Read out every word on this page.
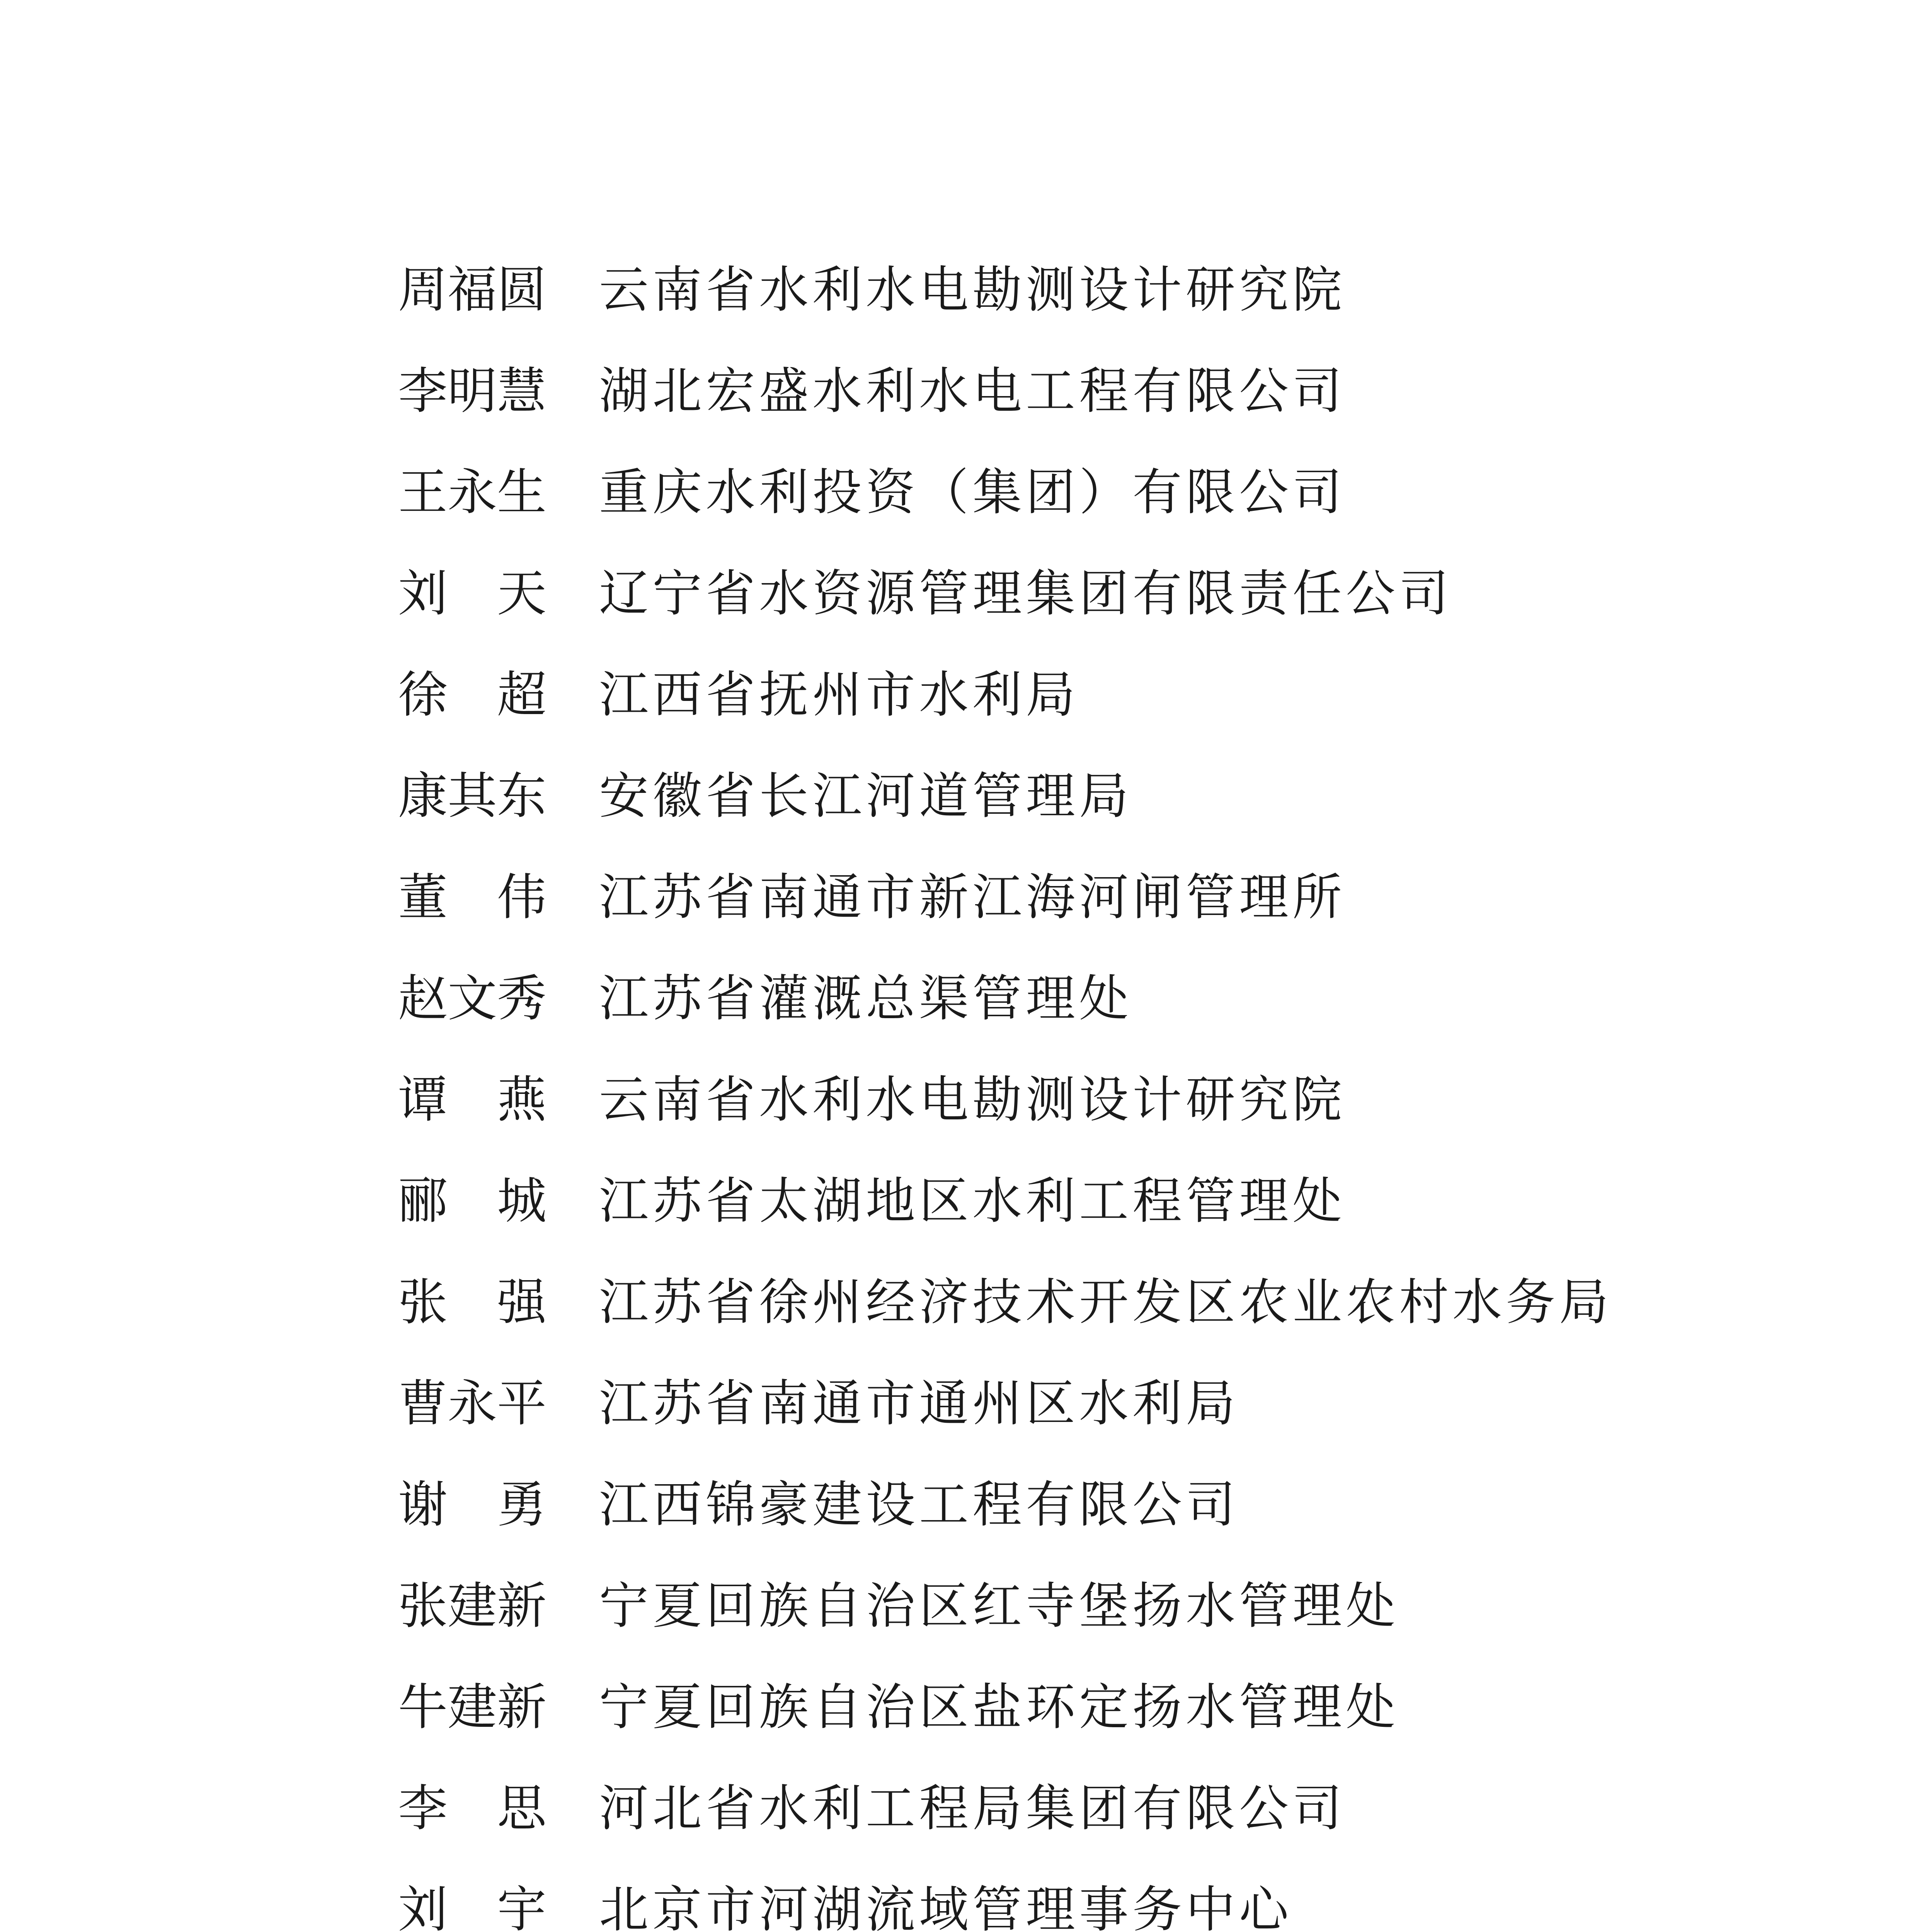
周福圆	云南省水利水电勘测设计研究院
李明慧	湖北宏盛水利水电工程有限公司
王永生	重庆水利投资（集团）有限公司
刘天 辽宁省水资源管理集团有限责任公司
徐超 江西省抚州市水利局
康其东	安徽省长江河道管理局
董伟 江苏省南通市新江海河闸管理所
赵文秀	江苏省灌溉总渠管理处
谭燕 云南省水利水电勘测设计研究院
郦城 江苏省太湖地区水利工程管理处
张强 江苏省徐州经济技术开发区农业农村水务局
曹永平	江苏省南通市通州区水利局
谢勇 江西锦豪建设工程有限公司
张建新	宁夏回族自治区红寺堡扬水管理处
牛建新	宁夏回族自治区盐环定扬水管理处
李思 河北省水利工程局集团有限公司
刘宇 北京市河湖流域管理事务中心
